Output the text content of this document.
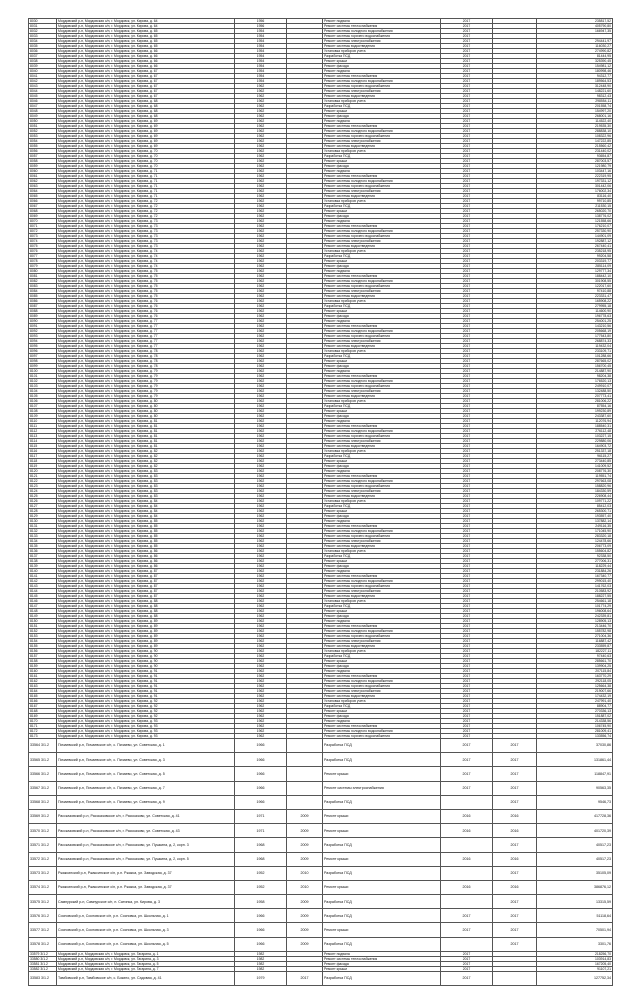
8030	Мордовский р-н, Мордовская с/п, г. Мордовск, ул. Кирова, д. 64	1956		Ремонт подвала	2017		235817,52
8031	Мордовский р-н, Мордовская с/п, г. Мордовск, ул. Кирова, д. 64	1956		Ремонт системы теплоснабжения	2017		405790,80
8032	Мордовский р-н, Мордовская с/п, г. Мордовск, ул. Кирова, д. 65	1954		Ремонт системы холодного водоснабжения	2017		166947,35
8033	Мордовский р-н, Мордовская с/п, г. Мордовск, ул. Кирова, д. 65	1954		Ремонт системы горячего водоснабжения	2017		
8034	Мордовский р-н, Мордовская с/п, г. Мордовск, ул. Кирова, д. 65	1954		Ремонт системы электроснабжения	2017		294441,97
8035	Мордовский р-н, Мордовская с/п, г. Мордовск, ул. Кирова, д. 65	1954		Ремонт системы водоотведения	2017		116030,27
8036	Мордовский р-н, Мордовская с/п, г. Мордовск, ул. Кирова, д. 66	1954		Установка приборов учета	2017		274990,82
8037	Мордовский р-н, Мордовская с/п, г. Мордовск, ул. Кирова, д. 66	1954		Разработка ПСД	2017		81444,95
8038	Мордовский р-н, Мордовская с/п, г. Мордовск, ул. Кирова, д. 66	1954		Ремонт крыши	2017		325390,45
8039	Мордовский р-н, Мордовская с/п, г. Мордовск, ул. Кирова, д. 66	1954		Ремонт фасада	2017		154981,12
8040	Мордовский р-н, Мордовская с/п, г. Мордовск, ул. Кирова, д. 67	1954		Ремонт подвала	2017		180998,46
8041	Мордовский р-н, Мордовская с/п, г. Мордовск, ул. Кирова, д. 67	1954		Ремонт системы теплоснабжения	2017		94312,77
8042	Мордовский р-н, Мордовская с/п, г. Мордовск, ул. Кирова, д. 67	1954		Ремонт системы холодного водоснабжения	2017		189564,53
8043	Мордовский р-н, Мордовская с/п, г. Мордовск, ул. Кирова, д. 67	1962		Ремонт системы горячего водоснабжения	2017		312448,90
8044	Мордовский р-н, Мордовская с/п, г. Мордовск, ул. Кирова, д. 67	1962		Ремонт системы электроснабжения	2017		148221,60
8045	Мордовский р-н, Мордовская с/п, г. Мордовск, ул. Кирова, д. 67	1962		Ремонт системы водоотведения	2017		98312,43
8046	Мордовский р-н, Мордовская с/п, г. Мордовск, ул. Кирова, д. 68	1962		Установка приборов учета	2017		298554,11
8047	Мордовский р-н, Мордовская с/п, г. Мордовск, ул. Кирова, д. 68	1962		Разработка ПСД	2017		201558,74
8048	Мордовский р-н, Мордовская с/п, г. Мордовск, ул. Кирова, д. 68	1962		Ремонт крыши	2017		154997,20
8049	Мордовский р-н, Мордовская с/п, г. Мордовск, ул. Кирова, д. 68	1962		Ремонт фасада	2017		268001,16
8050	Мордовский р-н, Мордовская с/п, г. Мордовск, ул. Кирова, д. 69	1962		Ремонт подвала	2017		114522,40
8051	Мордовский р-н, Мордовская с/п, г. Мордовск, ул. Кирова, д. 69	1962		Ремонт системы теплоснабжения	2017		219535,30
8052	Мордовский р-н, Мордовская с/п, г. Мордовск, ул. Кирова, д. 69	1962		Ремонт системы холодного водоснабжения	2017		288838,10
8053	Мордовский р-н, Мордовская с/п, г. Мордовск, ул. Кирова, д. 69	1962		Ремонт системы горячего водоснабжения	2017		108322,96
8054	Мордовский р-н, Мордовская с/п, г. Мордовск, ул. Кирова, д. 69	1962		Ремонт системы электроснабжения	2017		147222,85
8055	Мордовский р-н, Мордовская с/п, г. Мордовск, ул. Кирова, д. 69	1962		Ремонт системы водоотведения	2017		215560,42
8056	Мордовский р-н, Мордовская с/п, г. Мордовск, ул. Кирова, д. 70	1962		Установка приборов учета	2017		231440,02
8057	Мордовский р-н, Мордовская с/п, г. Мордовск, ул. Кирова, д. 70	1962		Разработка ПСД	2017		93654,87
8058	Мордовский р-н, Мордовская с/п, г. Мордовск, ул. Кирова, д. 70	1962		Ремонт крыши	2017		287003,57
8059	Мордовский р-н, Мордовская с/п, г. Мордовск, ул. Кирова, д. 70	1962		Ремонт фасада	2017		121980,79
8060	Мордовский р-н, Мордовская с/п, г. Мордовск, ул. Кирова, д. 71	1962		Ремонт подвала	2017		103447,16
8061	Мордовский р-н, Мордовская с/п, г. Мордовск, ул. Кирова, д. 71	1962		Ремонт системы теплоснабжения	2017		222319,95
8062	Мордовский р-н, Мордовская с/п, г. Мордовск, ул. Кирова, д. 71	1962		Ремонт системы холодного водоснабжения	2017		197331,12
8063	Мордовский р-н, Мордовская с/п, г. Мордовск, ул. Кирова, д. 71	1962		Ремонт системы горячего водоснабжения	2017		301442,06
8064	Мордовский р-н, Мордовская с/п, г. Мордовск, ул. Кирова, д. 71	1962		Ремонт системы электроснабжения	2017		176002,34
8065	Мордовский р-н, Мордовская с/п, г. Мордовск, ул. Кирова, д. 71	1962		Ремонт системы водоотведения	2017		83116,40
8066	Мордовский р-н, Мордовская с/п, г. Мордовск, ул. Кирова, д. 72	1962		Установка приборов учета	2017		99710,85
8067	Мордовский р-н, Мордовская с/п, г. Мордовск, ул. Кирова, д. 72	1962		Разработка ПСД	2017		211530,15
8068	Мордовский р-н, Мордовская с/п, г. Мордовск, ул. Кирова, д. 72	1962		Ремонт крыши	2017		265020,70
8069	Мордовский р-н, Мордовская с/п, г. Мордовск, ул. Кирова, д. 72	1962		Ремонт фасада	2017		138776,02
8070	Мордовский р-н, Мордовская с/п, г. Мордовск, ул. Кирова, д. 73	1962		Ремонт подвала	2017		121558,66
8071	Мордовский р-н, Мордовская с/п, г. Мордовск, ул. Кирова, д. 73	1962		Ремонт системы теплоснабжения	2017		176210,07
8072	Мордовский р-н, Мордовская с/п, г. Мордовск, ул. Кирова, д. 73	1962		Ремонт системы холодного водоснабжения	2017		257330,90
8073	Мордовский р-н, Мордовская с/п, г. Мордовск, ул. Кирова, д. 73	1962		Ремонт системы горячего водоснабжения	2017		144901,09
8074	Мордовский р-н, Мордовская с/п, г. Мордовск, ул. Кирова, д. 73	1962		Ремонт системы электроснабжения	2017		192887,12
8075	Мордовский р-н, Мордовская с/п, г. Мордовск, ул. Кирова, д. 73	1962		Ремонт системы водоотведения	2017		267440,41
8076	Мордовский р-н, Мордовская с/п, г. Мордовск, ул. Кирова, д. 74	1962		Установка приборов учета	2017		235218,95
8077	Мордовский р-н, Мордовская с/п, г. Мордовск, ул. Кирова, д. 74	1962		Разработка ПСД	2017		99204,58
8078	Мордовский р-н, Мордовская с/п, г. Мордовск, ул. Кирова, д. 74	1962		Ремонт крыши	2017		203319,77
8079	Мордовский р-н, Мордовская с/п, г. Мордовск, ул. Кирова, д. 74	1962		Ремонт фасада	2017		285114,09
8080	Мордовский р-н, Мордовская с/п, г. Мордовск, ул. Кирова, д. 75	1962		Ремонт подвала	2017		129777,34
8081	Мордовский р-н, Мордовская с/п, г. Мордовск, ул. Кирова, д. 75	1962		Ремонт системы теплоснабжения	2017		188442,10
8082	Мордовский р-н, Мордовская с/п, г. Мордовск, ул. Кирова, д. 75	1962		Ремонт системы холодного водоснабжения	2017		301908,55
8083	Мордовский р-н, Мордовская с/п, г. Мордовск, ул. Кирова, д. 75	1962		Ремонт системы горячего водоснабжения	2017		122017,60
8084	Мордовский р-н, Мордовская с/п, г. Мордовск, ул. Кирова, д. 75	1962		Ремонт системы электроснабжения	2017		97410,88
8085	Мордовский р-н, Мордовская с/п, г. Мордовск, ул. Кирова, д. 75	1962		Ремонт системы водоотведения	2017		223331,47
8086	Мордовский р-н, Мордовская с/п, г. Мордовск, ул. Кирова, д. 76	1962		Установка приборов учета	2017		165908,22
8087	Мордовский р-н, Мордовская с/п, г. Мордовск, ул. Кирова, д. 76	1962		Разработка ПСД	2017		279955,18
8088	Мордовский р-н, Мордовская с/п, г. Мордовск, ул. Кирова, д. 76	1962		Ремонт крыши	2017		114600,90
8089	Мордовский р-н, Мордовская с/п, г. Мордовск, ул. Кирова, д. 76	1962		Ремонт фасада	2017		196778,63
8090	Мордовский р-н, Мордовская с/п, г. Мордовск, ул. Кирова, д. 77	1962		Ремонт подвала	2017		254001,25
8091	Мордовский р-н, Мордовская с/п, г. Мордовск, ул. Кирова, д. 77	1962		Ремонт системы теплоснабжения	2017		143210,56
8092	Мордовский р-н, Мордовская с/п, г. Мордовск, ул. Кирова, д. 77	1962		Ремонт системы холодного водоснабжения	2017		205668,19
8093	Мордовский р-н, Мордовская с/п, г. Мордовск, ул. Кирова, д. 77	1962		Ремонт системы горячего водоснабжения	2017		177543,80
8094	Мордовский р-н, Мордовская с/п, г. Мордовск, ул. Кирова, д. 77	1962		Ремонт системы электроснабжения	2017		268874,33
8095	Мордовский р-н, Мордовская с/п, г. Мордовск, ул. Кирова, д. 77	1962		Ремонт системы водоотведения	2017		119432,04
8096	Мордовский р-н, Мордовская с/п, г. Мордовск, ул. Кирова, д. 78	1962		Установка приборов учета	2017		233109,71
8097	Мордовский р-н, Мордовская с/п, г. Мордовск, ул. Кирова, д. 78	1962		Разработка ПСД	2017		101288,66
8098	Мордовский р-н, Мордовская с/п, г. Мордовск, ул. Кирова, д. 78	1962		Ремонт крыши	2017		287665,02
8099	Мордовский р-н, Мордовская с/п, г. Мордовск, ул. Кирова, д. 78	1962		Ремонт фасада	2017		156700,45
8100	Мордовский р-н, Мордовская с/п, г. Мордовск, ул. Кирова, д. 79	1962		Ремонт подвала	2017		214887,90
8101	Мордовский р-н, Мордовская с/п, г. Мордовск, ул. Кирова, д. 79	1962		Ремонт системы теплоснабжения	2017		98204,38
8102	Мордовский р-н, Мордовская с/п, г. Мордовск, ул. Кирова, д. 79	1962		Ремонт системы холодного водоснабжения	2017		176520,13
8103	Мордовский р-н, Мордовская с/п, г. Мордовск, ул. Кирова, д. 79	1962		Ремонт системы горячего водоснабжения	2017		249910,07
8104	Мордовский р-н, Мордовская с/п, г. Мордовск, ул. Кирова, д. 79	1962		Ремонт системы электроснабжения	2017		132488,50
8105	Мордовский р-н, Мордовская с/п, г. Мордовск, ул. Кирова, д. 79	1962		Ремонт системы водоотведения	2017		207773,41
8106	Мордовский р-н, Мордовская с/п, г. Мордовск, ул. Кирова, д. 80	1962		Установка приборов учета	2017		281006,22
8107	Мордовский р-н, Мордовская с/п, г. Мордовск, ул. Кирова, д. 80	1962		Разработка ПСД	2017		87554,16
8108	Мордовский р-н, Мордовская с/п, г. Мордовск, ул. Кирова, д. 80	1962		Ремонт крыши	2017		199230,89
8109	Мордовский р-н, Мордовская с/п, г. Мордовск, ул. Кирова, д. 80	1962		Ремонт фасада	2017		243387,60
8110	Мордовский р-н, Мордовская с/п, г. Мордовск, ул. Кирова, д. 81	1962		Ремонт подвала	2017		112076,94
8111	Мордовский р-н, Мордовская с/п, г. Мордовск, ул. Кирова, д. 81	1962		Ремонт системы теплоснабжения	2017		188540,31
8112	Мордовский р-н, Мордовская с/п, г. Мордовск, ул. Кирова, д. 81	1962		Ремонт системы холодного водоснабжения	2017		276112,48
8113	Мордовский р-н, Мордовская с/п, г. Мордовск, ул. Кирова, д. 81	1962		Ремонт системы горячего водоснабжения	2017		103227,15
8114	Мордовский р-н, Мордовская с/п, г. Мордовск, ул. Кирова, д. 81	1962		Ремонт системы электроснабжения	2017		229880,06
8115	Мордовский р-н, Мордовская с/п, г. Мордовск, ул. Кирова, д. 81	1962		Ремонт системы водоотведения	2017		164903,72
8116	Мордовский р-н, Мордовская с/п, г. Мордовск, ул. Кирова, д. 82	1962		Установка приборов учета	2017		251337,18
8117	Мордовский р-н, Мордовская с/п, г. Мордовск, ул. Кирова, д. 82	1962		Разработка ПСД	2017		96115,27
8118	Мордовский р-н, Мордовская с/п, г. Мордовск, ул. Кирова, д. 82	1962		Ремонт крыши	2017		273440,85
8119	Мордовский р-н, Мордовская с/п, г. Мордовск, ул. Кирова, д. 82	1962		Ремонт фасада	2017		141009,52
8120	Мордовский р-н, Мордовская с/п, г. Мордовск, ул. Кирова, д. 83	1962		Ремонт подвала	2017		208776,30
8121	Мордовский р-н, Мордовская с/п, г. Мордовск, ул. Кирова, д. 83	1962		Ремонт системы теплоснабжения	2017		119551,74
8122	Мордовский р-н, Мордовская с/п, г. Мордовск, ул. Кирова, д. 83	1962		Ремонт системы холодного водоснабжения	2017		297663,08
8123	Мордовский р-н, Мордовская с/п, г. Мордовск, ул. Кирова, д. 83	1962		Ремонт системы горячего водоснабжения	2017		158820,96
8124	Мордовский р-н, Мордовская с/п, г. Мордовск, ул. Кирова, д. 83	1962		Ремонт системы электроснабжения	2017		184330,59
8125	Мордовский р-н, Мордовская с/п, г. Мордовск, ул. Кирова, д. 83	1962		Ремонт системы водоотведения	2017		226908,44
8126	Мордовский р-н, Мордовская с/п, г. Мордовск, ул. Кирова, д. 84	1962		Установка приборов учета	2017		109771,22
8127	Мордовский р-н, Мордовская с/п, г. Мордовск, ул. Кирова, д. 84	1962		Разработка ПСД	2017		85412,03
8128	Мордовский р-н, Мордовская с/п, г. Мордовск, ул. Кирова, д. 84	1962		Ремонт крыши	2017		265300,71
8129	Мордовский р-н, Мордовская с/п, г. Мордовск, ул. Кирова, д. 84	1962		Ремонт фасада	2017		193557,40
8130	Мордовский р-н, Мордовская с/п, г. Мордовск, ул. Кирова, д. 85	1962		Ремонт подвала	2017		137882,14
8131	Мордовский р-н, Мордовская с/п, г. Мордовск, ул. Кирова, д. 85	1962		Ремонт системы теплоснабжения	2017		249116,35
8132	Мордовский р-н, Мордовская с/п, г. Мордовск, ул. Кирова, д. 85	1962		Ремонт системы холодного водоснабжения	2017		171045,90
8133	Мордовский р-н, Мордовская с/п, г. Мордовск, ул. Кирова, д. 85	1962		Ремонт системы горячего водоснабжения	2017		283320,18
8134	Мордовский р-н, Мордовская с/п, г. Мордовск, ул. Кирова, д. 85	1962		Ремонт системы электроснабжения	2017		124478,66
8135	Мордовский р-н, Мордовская с/п, г. Мордовск, ул. Кирова, д. 85	1962		Ремонт системы водоотведения	2017		206773,09
8136	Мордовский р-н, Мордовская с/п, г. Мордовск, ул. Кирова, д. 86	1962		Установка приборов учета	2017		155604,82
8137	Мордовский р-н, Мордовская с/п, г. Мордовск, ул. Кирова, д. 86	1962		Разработка ПСД	2017		92338,50
8138	Мордовский р-н, Мордовская с/п, г. Мордовск, ул. Кирова, д. 86	1962		Ремонт крыши	2017		277006,31
8139	Мордовский р-н, Мордовская с/п, г. Мордовск, ул. Кирова, д. 86	1962		Ремонт фасада	2017		118229,44
8140	Мордовский р-н, Мордовская с/п, г. Мордовск, ул. Кирова, д. 87	1962		Ремонт подвала	2017		231884,26
8141	Мордовский р-н, Мордовская с/п, г. Мордовск, ул. Кирова, д. 87	1962		Ремонт системы теплоснабжения	2017		167340,77
8142	Мордовский р-н, Мордовская с/п, г. Мордовск, ул. Кирова, д. 87	1962		Ремонт системы холодного водоснабжения	2017		299015,40
8143	Мордовский р-н, Мордовская с/п, г. Мордовск, ул. Кирова, д. 87	1962		Ремонт системы горячего водоснабжения	2017		141762,03
8144	Мордовский р-н, Мордовская с/п, г. Мордовск, ул. Кирова, д. 87	1962		Ремонт системы электроснабжения	2017		210583,92
8145	Мордовский р-н, Мордовская с/п, г. Мордовск, ул. Кирова, д. 87	1962		Ремонт системы водоотведения	2017		188227,55
8146	Мордовский р-н, Мордовская с/п, г. Мордовск, ул. Кирова, д. 88	1962		Установка приборов учета	2017		254661,18
8147	Мордовский р-н, Мордовская с/п, г. Мордовск, ул. Кирова, д. 88	1962		Разработка ПСД	2017		101774,29
8148	Мордовский р-н, Мордовская с/п, г. Мордовск, ул. Кирова, д. 88	1962		Ремонт крыши	2017		196008,64
8149	Мордовский р-н, Мордовская с/п, г. Мордовск, ул. Кирова, д. 88	1962		Ремонт фасада	2017		242339,81
8150	Мордовский р-н, Мордовская с/п, г. Мордовск, ул. Кирова, д. 89	1962		Ремонт подвала	2017		128905,13
8151	Мордовский р-н, Мордовская с/п, г. Мордовск, ул. Кирова, д. 89	1962		Ремонт системы теплоснабжения	2017		213446,70
8152	Мордовский р-н, Мордовская с/п, г. Мордовск, ул. Кирова, д. 89	1962		Ремонт системы холодного водоснабжения	2017		155782,98
8153	Мордовский р-н, Мордовская с/п, г. Мордовск, ул. Кирова, д. 89	1962		Ремонт системы горячего водоснабжения	2017		271004,36
8154	Мордовский р-н, Мордовская с/п, г. Мордовск, ул. Кирова, д. 89	1962		Ремонт системы электроснабжения	2017		116887,42
8155	Мордовский р-н, Мордовская с/п, г. Мордовск, ул. Кирова, д. 89	1962		Ремонт системы водоотведения	2017		233559,87
8156	Мордовский р-н, Мордовская с/п, г. Мордовск, ул. Кирова, д. 90	1962		Установка приборов учета	2017		182227,11
8157	Мордовский р-н, Мордовская с/п, г. Мордовск, ул. Кирова, д. 90	1962		Разработка ПСД	2017		97440,63
8158	Мордовский р-н, Мордовская с/п, г. Мордовск, ул. Кирова, д. 90	1962		Ремонт крыши	2017		285661,70
8159	Мордовский р-н, Мордовская с/п, г. Мордовск, ул. Кирова, д. 90	1962		Ремонт фасада	2017		139904,25
8160	Мордовский р-н, Мордовская с/п, г. Мордовск, ул. Кирова, д. 91	1962		Ремонт подвала	2017		207115,84
8161	Мордовский р-н, Мордовская с/п, г. Мордовск, ул. Кирова, д. 91	1962		Ремонт системы теплоснабжения	2017		163770,29
8162	Мордовский р-н, Мордовская с/п, г. Мордовск, ул. Кирова, д. 91	1962		Ремонт системы холодного водоснабжения	2017		292118,05
8163	Мордовский р-н, Мордовская с/п, г. Мордовск, ул. Кирова, д. 91	1962		Ремонт системы горячего водоснабжения	2017		125664,38
8164	Мордовский р-н, Мордовская с/п, г. Мордовск, ул. Кирова, д. 91	1962		Ремонт системы электроснабжения	2017		219007,66
8165	Мордовский р-н, Мордовская с/п, г. Мордовск, ул. Кирова, д. 91	1962		Ремонт системы водоотведения	2017		174432,19
8166	Мордовский р-н, Мордовская с/п, г. Мордовск, ул. Кирова, д. 92	1962		Установка приборов учета	2017		247991,40
8167	Мордовский р-н, Мордовская с/п, г. Мордовск, ул. Кирова, д. 92	1962		Разработка ПСД	2017		88904,77
8168	Мордовский р-н, Мордовская с/п, г. Мордовск, ул. Кирова, д. 92	1962		Ремонт крыши	2017		270336,13
8169	Мордовский р-н, Мордовская с/п, г. Мордовск, ул. Кирова, д. 92	1962		Ремонт фасада	2017		151887,02
8170	Мордовский р-н, Мордовская с/п, г. Мордовск, ул. Кирова, д. 93	1962		Ремонт подвала	2017		214338,56
8171	Мордовский р-н, Мордовская с/п, г. Мордовск, ул. Кирова, д. 93	1962		Ремонт системы теплоснабжения	2017		106745,90
8172	Мордовский р-н, Мордовская с/п, г. Мордовск, ул. Кирова, д. 93	1962		Ремонт системы холодного водоснабжения	2017		281009,41
8173	Мордовский р-н, Мордовская с/п, г. Мордовск, ул. Кирова, д. 93	1962		Ремонт системы горячего водоснабжения	2017		133556,74
33564 3/1.2	Пичаевский р-н, Пичаевское с/п, с. Пичаево, ул. Советская, д. 1	1966		Разработка ПСД	2017	2017	37030,86
33565 3/1.2	Пичаевский р-н, Пичаевское с/п, с. Пичаево, ул. Советская, д. 3	1966		Разработка ПСД	2017	2017	131861,44
33566 3/1.2	Пичаевский р-н, Пичаевское с/п, с. Пичаево, ул. Советская, д. 5	1966		Ремонт крыши	2017	2017	118847,91
33567 3/1.2	Пичаевский р-н, Пичаевское с/п, с. Пичаево, ул. Советская, д. 7	1966		Ремонт системы электроснабжения	2017	2017	90563,35
33568 3/1.2	Пичаевский р-н, Пичаевское с/п, с. Пичаево, ул. Советская, д. 9	1966		Разработка ПСД		2017	9546,73
33569 3/1.2	Рассказовский р-н, Рассказовское с/п, г. Рассказово, ул. Советская, д. 41	1971	2009	Ремонт крыши	2016	2016	417728,36
33570 3/1.2	Рассказовский р-н, Рассказовское с/п, г. Рассказово, ул. Советская, д. 43	1971	2009	Ремонт крыши	2016	2016	401720,39
33571 3/1.2	Рассказовский р-н, Рассказовское с/п, г. Рассказово, ул. Пушкина, д. 2, корп. 3	1968	2009	Разработка ПСД		2017	40517,23
33572 3/1.2	Рассказовский р-н, Рассказовское с/п, г. Рассказово, ул. Пушкина, д. 2, корп. 5	1968	2009	Ремонт крыши	2016	2016	40517,23
33573 3/1.2	Ржаксинский р-н, Ржаксинское с/п, р.п. Ржакса, ул. Заводская, д. 37	1952	2010	Разработка ПСД		2017	35105,09
33574 3/1.2	Ржаксинский р-н, Ржаксинское с/п, р.п. Ржакса, ул. Заводская, д. 37	1952	2010	Ремонт крыши	2016	2016	386876,12
33575 3/1.2	Сампурский р-н, Сампурское с/п, п. Сатинка, ул. Кирова, д. 3	1958	2009	Разработка ПСД		2017	13315,59
33576 3/1.2	Сосновский р-н, Сосновское с/п, р.п. Сосновка, ул. Школьная, д. 1	1966	2009	Разработка ПСД	2017	2017	51118,64
33577 3/1.2	Сосновский р-н, Сосновское с/п, р.п. Сосновка, ул. Школьная, д. 3	1966	2009	Ремонт крыши	2017	2017	70501,94
33578 3/1.2	Сосновский р-н, Сосновское с/п, р.п. Сосновка, ул. Школьная, д. 5	1966	2009	Разработка ПСД		2017	3301,76
33579 3/1.2	Мордовский р-н, Мордовская с/п, г. Мордовск, ул. Гагарина, д. 1	1982		Ремонт подвала	2017		218256,70
33580 3/1.2	Мордовский р-н, Мордовская с/п, г. Мордовск, ул. Гагарина, д. 3	1982		Ремонт системы теплоснабжения	2017		103914,83
33581 3/1.2	Мордовский р-н, Мордовская с/п, г. Мордовск, ул. Гагарина, д. 5	1982		Ремонт фасада	2017		167205,40
33582 3/1.2	Мордовский р-н, Мордовская с/п, г. Мордовск, ул. Гагарина, д. 7	1982		Ремонт крыши	2017		91107,21
33583 3/1.2	Тамбовский р-н, Тамбовское с/п, с. Бокино, ул. Садовая, д. 41	1979	2017	Разработка ПСД	2017		127752,34
